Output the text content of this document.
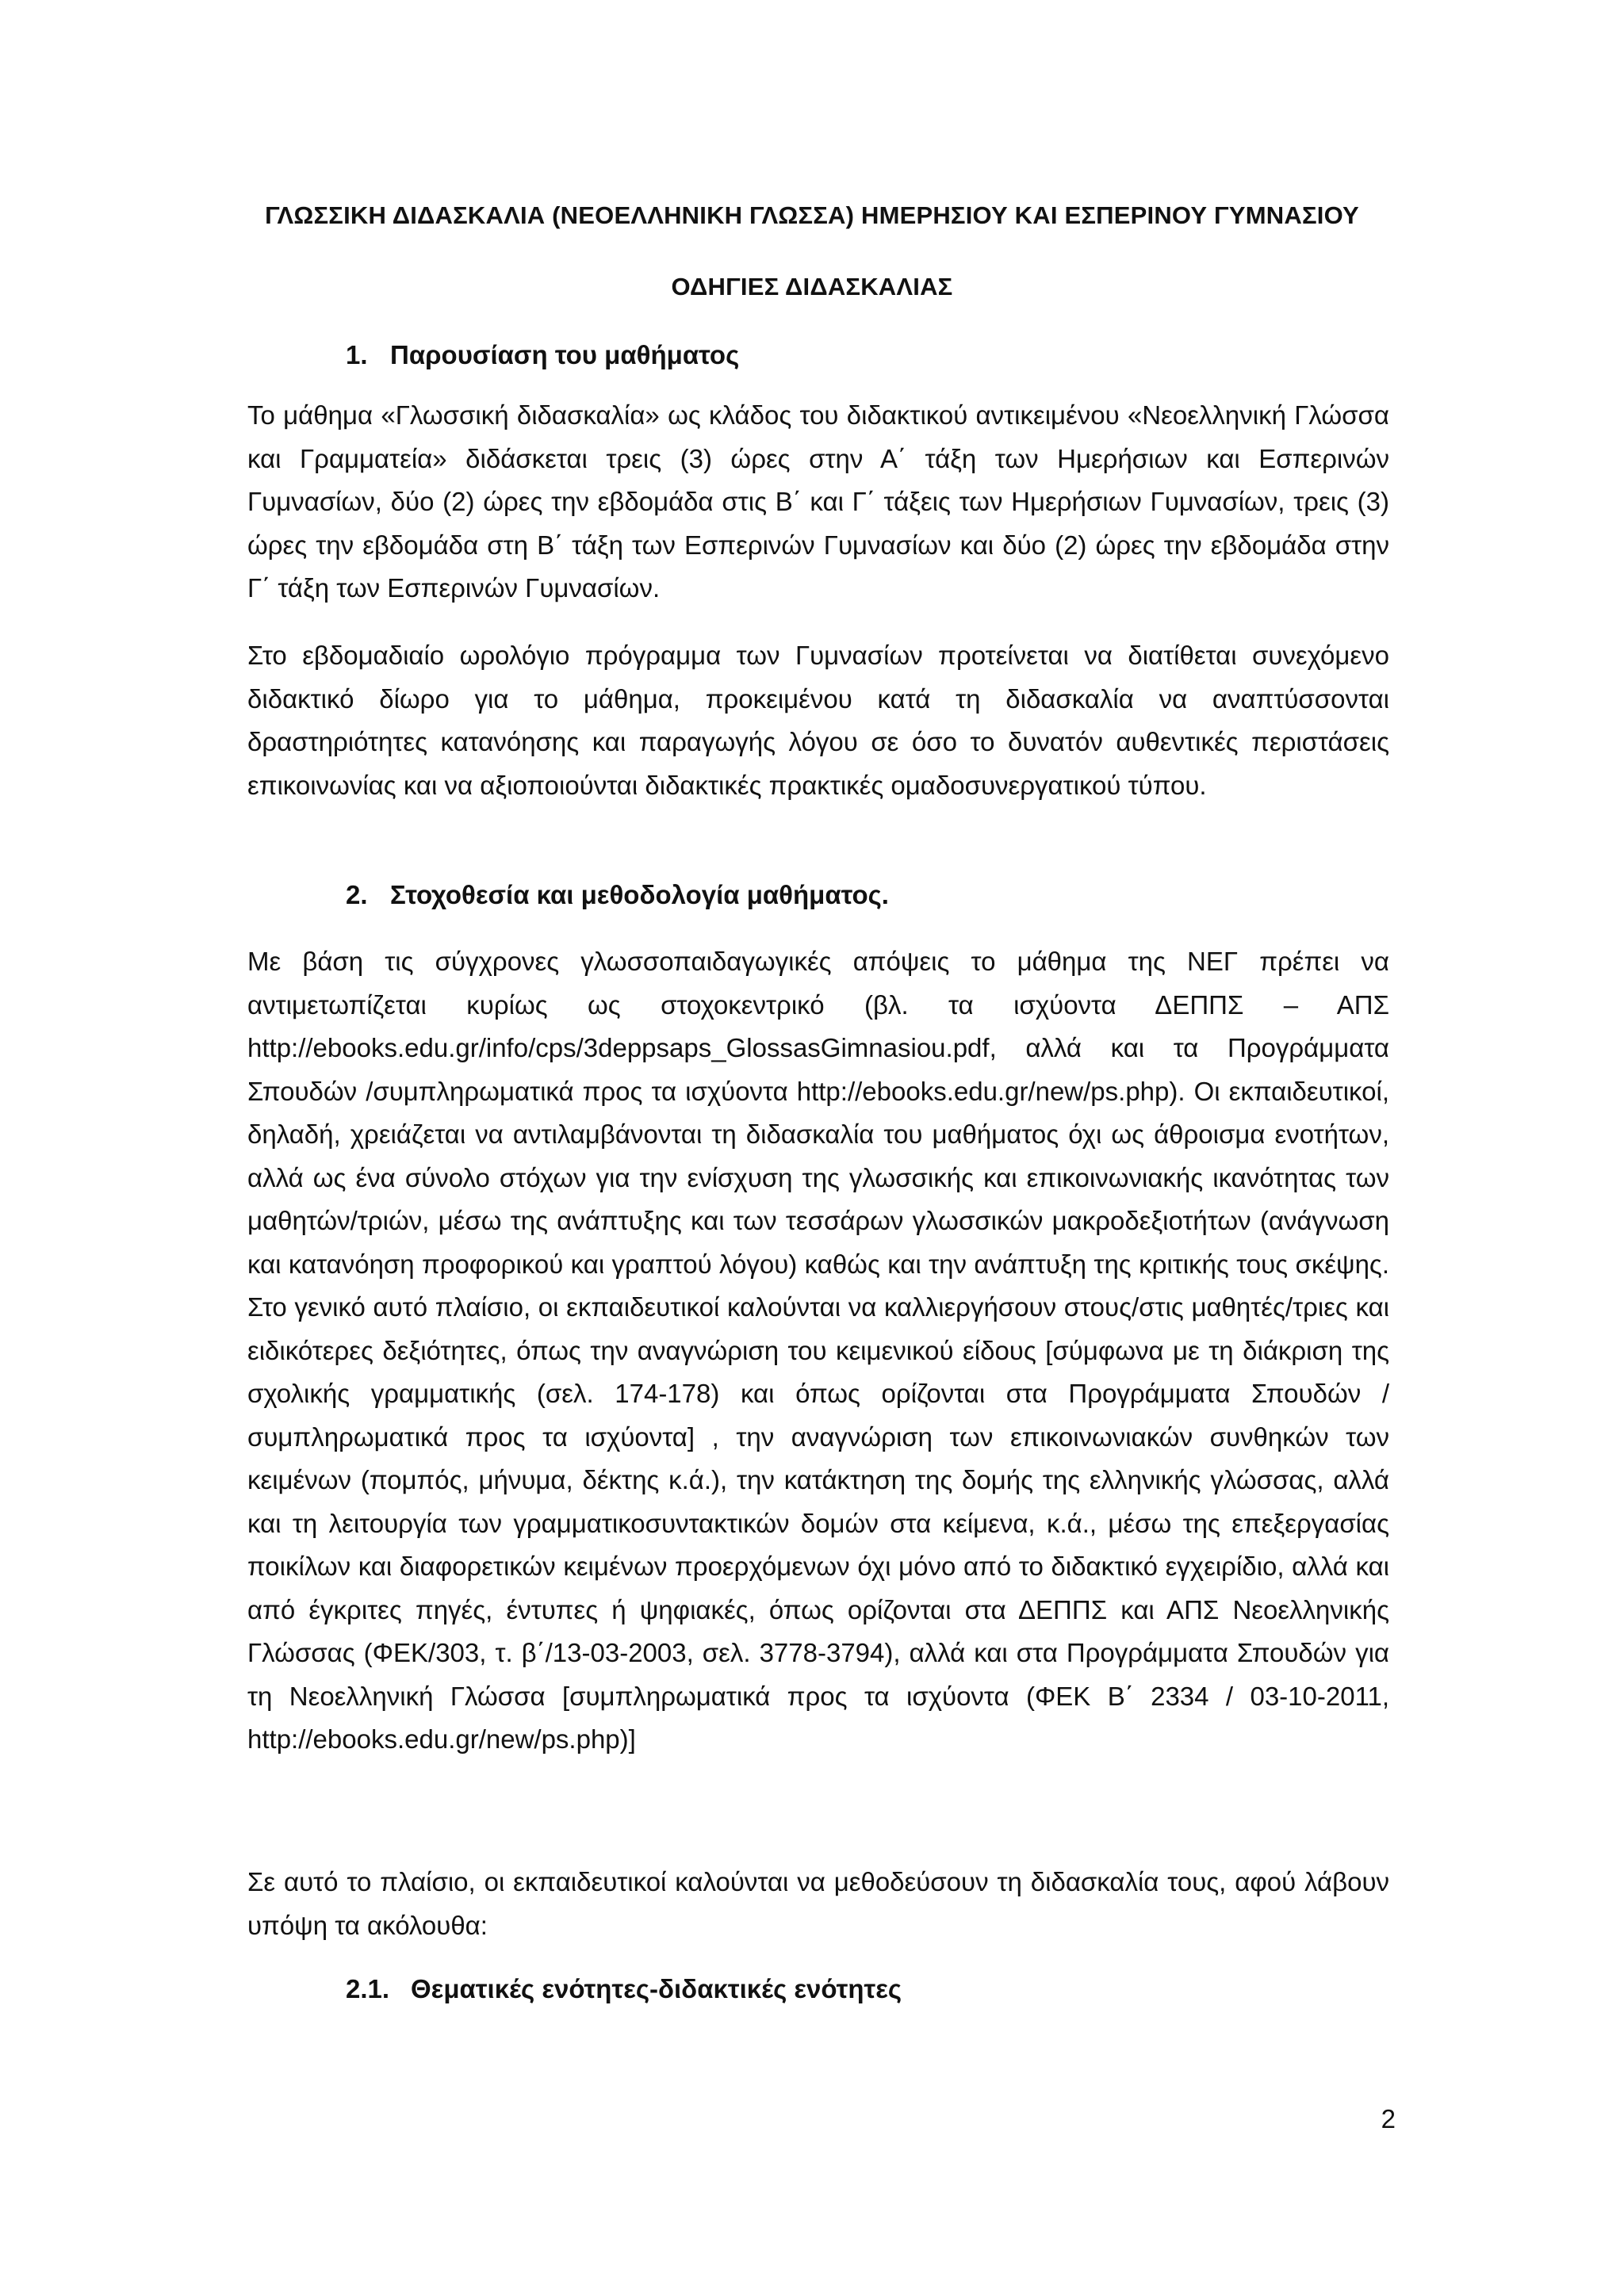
ΓΛΩΣΣΙΚΗ ΔΙΔΑΣΚΑΛΙΑ (ΝΕΟΕΛΛΗΝΙΚΗ ΓΛΩΣΣΑ) ΗΜΕΡΗΣΙΟΥ ΚΑΙ ΕΣΠΕΡΙΝΟΥ ΓΥΜΝΑΣΙΟΥ
ΟΔΗΓΙΕΣ ΔΙΔΑΣΚΑΛΙΑΣ
1. Παρουσίαση του μαθήματος

Το μάθημα «Γλωσσική διδασκαλία» ως κλάδος του διδακτικού αντικειμένου «Νεοελληνική Γλώσσα και Γραμματεία» διδάσκεται τρεις (3) ώρες στην Α΄ τάξη των Ημερήσιων και Εσπερινών Γυμνασίων, δύο (2) ώρες την εβδομάδα στις Β΄ και Γ΄ τάξεις των Ημερήσιων Γυμνασίων, τρεις (3) ώρες την εβδομάδα στη Β΄ τάξη των Εσπερινών Γυμνασίων και δύο (2) ώρες την εβδομάδα στην Γ΄ τάξη των Εσπερινών Γυμνασίων.

Στο εβδομαδιαίο ωρολόγιο πρόγραμμα των Γυμνασίων προτείνεται να διατίθεται συνεχόμενο διδακτικό δίωρο για το μάθημα, προκειμένου κατά τη διδασκαλία να αναπτύσσονται δραστηριότητες κατανόησης και παραγωγής λόγου σε όσο το δυνατόν αυθεντικές περιστάσεις επικοινωνίας και να αξιοποιούνται διδακτικές πρακτικές ομαδοσυνεργατικού τύπου.

2. Στοχοθεσία και μεθοδολογία μαθήματος.

Με βάση τις σύγχρονες γλωσσοπαιδαγωγικές απόψεις το μάθημα της ΝΕΓ πρέπει να αντιμετωπίζεται κυρίως ως στοχοκεντρικό (βλ. τα ισχύοντα ΔΕΠΠΣ – ΑΠΣ http://ebooks.edu.gr/info/cps/3deppsaps_GlossasGimnasiou.pdf, αλλά και τα Προγράμματα Σπουδών /συμπληρωματικά προς τα ισχύοντα http://ebooks.edu.gr/new/ps.php). Οι εκπαιδευτικοί, δηλαδή, χρειάζεται να αντιλαμβάνονται τη διδασκαλία του μαθήματος όχι ως άθροισμα ενοτήτων, αλλά ως ένα σύνολο στόχων για την ενίσχυση της γλωσσικής και επικοινωνιακής ικανότητας των μαθητών/τριών, μέσω της ανάπτυξης και των τεσσάρων γλωσσικών μακροδεξιοτήτων (ανάγνωση και κατανόηση προφορικού και γραπτού λόγου) καθώς και την ανάπτυξη της κριτικής τους σκέψης. Στο γενικό αυτό πλαίσιο, οι εκπαιδευτικοί καλούνται να καλλιεργήσουν στους/στις μαθητές/τριες και ειδικότερες δεξιότητες, όπως την αναγνώριση του κειμενικού είδους [σύμφωνα με τη διάκριση της σχολικής γραμματικής (σελ. 174-178) και όπως ορίζονται στα Προγράμματα Σπουδών / συμπληρωματικά προς τα ισχύοντα] , την αναγνώριση των επικοινωνιακών συνθηκών των κειμένων (πομπός, μήνυμα, δέκτης κ.ά.), την κατάκτηση της δομής της ελληνικής γλώσσας, αλλά και τη λειτουργία των γραμματικοσυντακτικών δομών στα κείμενα, κ.ά., μέσω της επεξεργασίας ποικίλων και διαφορετικών κειμένων προερχόμενων όχι μόνο από το διδακτικό εγχειρίδιο, αλλά και από έγκριτες πηγές, έντυπες ή ψηφιακές, όπως ορίζονται στα ΔΕΠΠΣ και ΑΠΣ Νεοελληνικής Γλώσσας (ΦΕΚ/303, τ. β΄/13-03-2003, σελ. 3778-3794), αλλά και στα Προγράμματα Σπουδών για τη Νεοελληνική Γλώσσα [συμπληρωματικά προς τα ισχύοντα (ΦΕΚ Β΄ 2334 / 03-10-2011, http://ebooks.edu.gr/new/ps.php)]

Σε αυτό το πλαίσιο, οι εκπαιδευτικοί καλούνται να μεθοδεύσουν τη διδασκαλία τους, αφού λάβουν υπόψη τα ακόλουθα:

2.1. Θεματικές ενότητες-διδακτικές ενότητες

2
